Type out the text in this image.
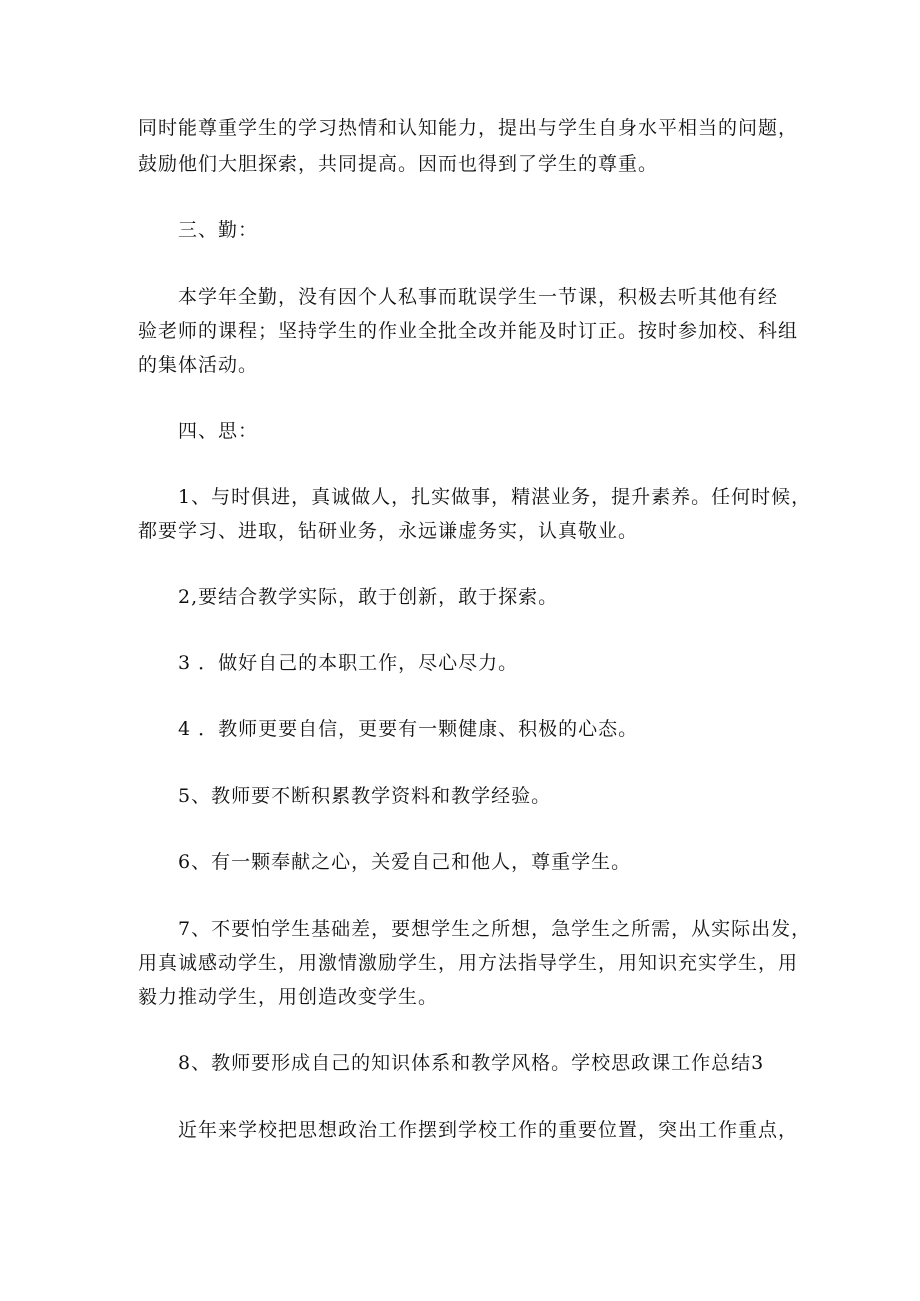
同时能尊重学生的学习热情和认知能力，提出与学生自身水平相当的问题，
鼓励他们大胆探索，共同提高。因而也得到了学生的尊重。
三、勤：
本学年全勤，没有因个人私事而耽误学生一节课，积极去听其他有经
验老师的课程；坚持学生的作业全批全改并能及时订正。按时参加校、科组
的集体活动。
四、思：
1、与时俱进，真诚做人，扎实做事，精湛业务，提升素养。任何时候，
都要学习、进取，钻研业务，永远谦虚务实，认真敬业。
2,要结合教学实际，敢于创新，敢于探索。
3 ．做好自己的本职工作，尽心尽力。
4 ．教师更要自信，更要有一颗健康、积极的心态。
5、教师要不断积累教学资料和教学经验。
6、有一颗奉献之心，关爱自己和他人，尊重学生。
7、不要怕学生基础差，要想学生之所想，急学生之所需，从实际出发，
用真诚感动学生，用激情激励学生，用方法指导学生，用知识充实学生，用
毅力推动学生，用创造改变学生。
8、教师要形成自己的知识体系和教学风格。学校思政课工作总结3
近年来学校把思想政治工作摆到学校工作的重要位置，突出工作重点，
